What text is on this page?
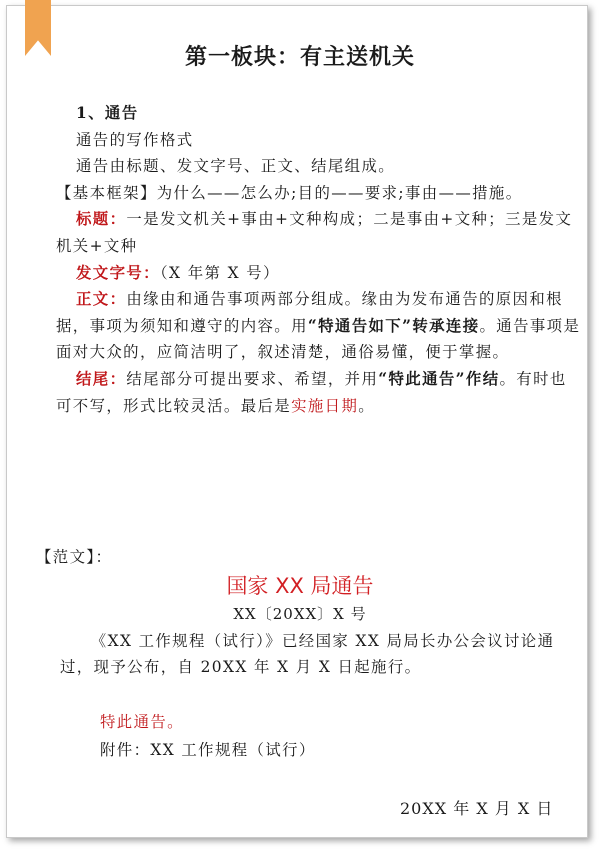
第一板块：有主送机关

1、通告

通告的写作格式

通告由标题、发文字号、正文、结尾组成。

【基本框架】为什么——怎么办;目的——要求;事由——措施。

标题：一是发文机关+事由+文种构成；二是事由+文种；三是发文机关+文种

发文字号：（X 年第 X 号）

正文：由缘由和通告事项两部分组成。缘由为发布通告的原因和根据，事项为须知和遵守的内容。用“特通告如下”转承连接。通告事项是面对大众的，应简洁明了，叙述清楚，通俗易懂，便于掌握。

结尾：结尾部分可提出要求、希望，并用“特此通告”作结。有时也可不写，形式比较灵活。最后是实施日期。

【范文】：
国家 XX 局通告
XX〔20XX〕X 号

《XX 工作规程（试行）》已经国家 XX 局局长办公会议讨论通过，现予公布，自 20XX 年 X 月 X 日起施行。

特此通告。
附件：XX 工作规程（试行）
20XX 年 X 月 X 日
